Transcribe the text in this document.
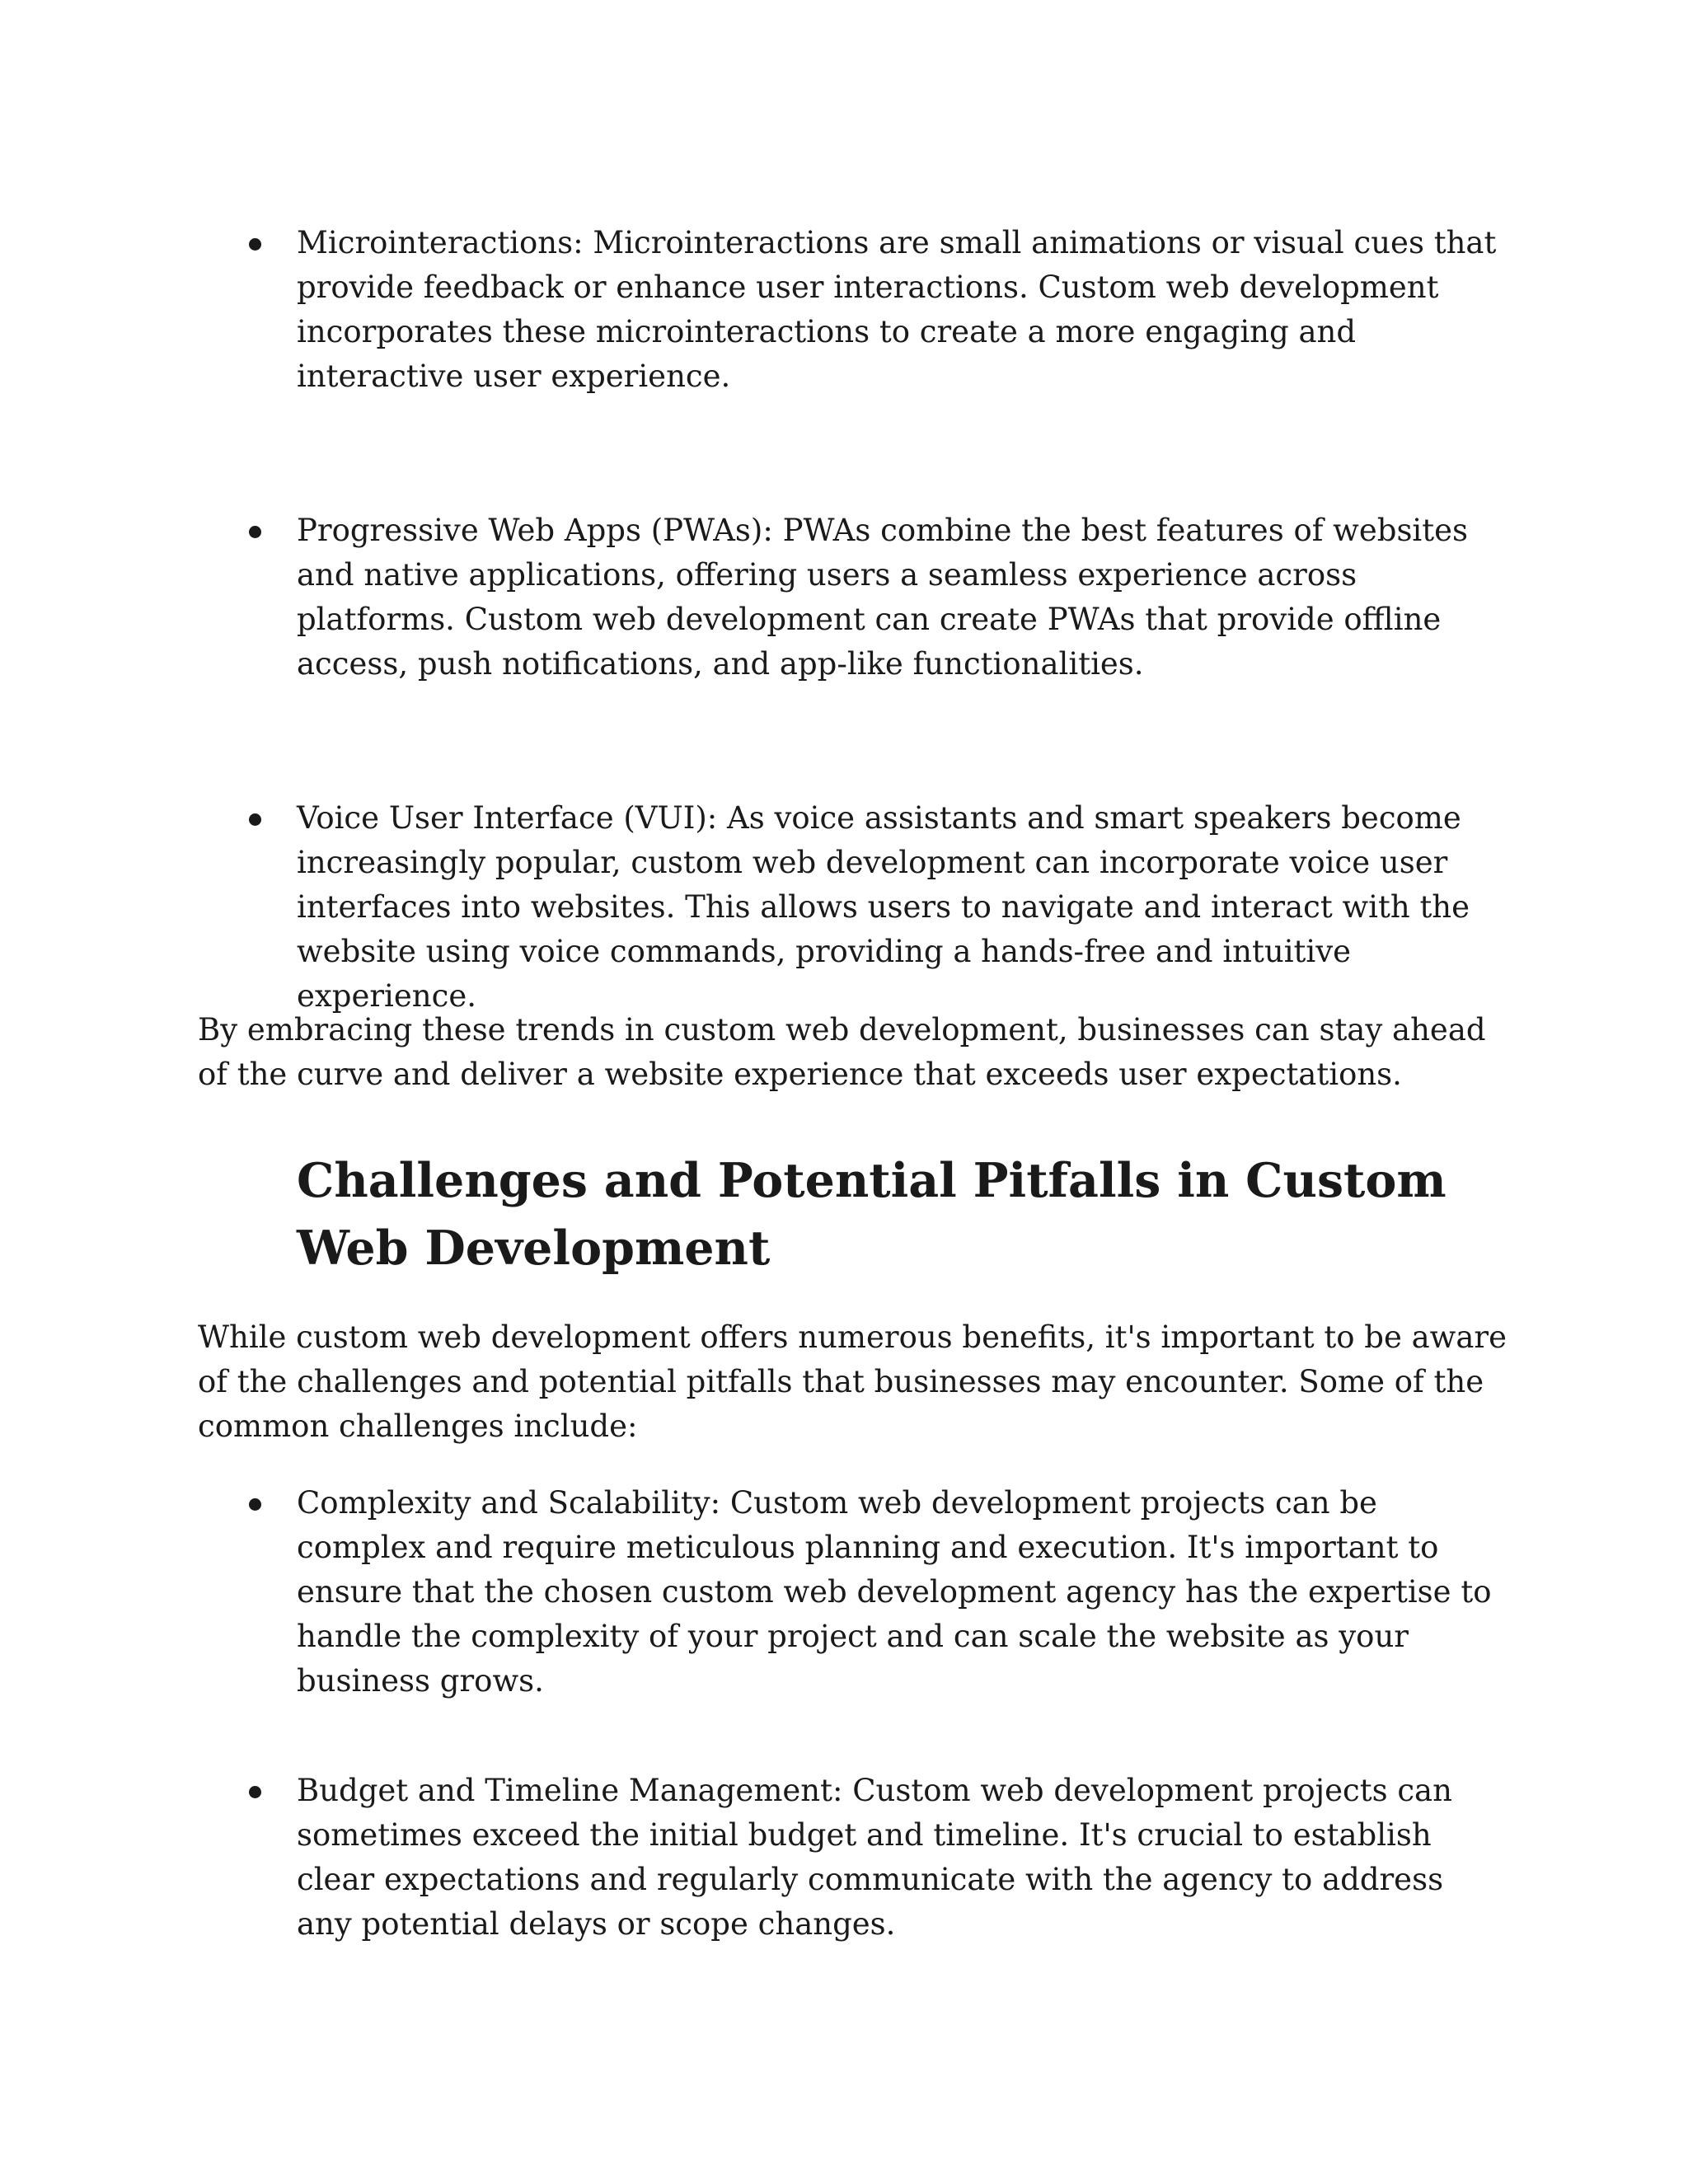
Microinteractions: Microinteractions are small animations or visual cues that provide feedback or enhance user interactions. Custom web development incorporates these microinteractions to create a more engaging and interactive user experience.
Progressive Web Apps (PWAs): PWAs combine the best features of websites and native applications, offering users a seamless experience across platforms. Custom web development can create PWAs that provide offline access, push notifications, and app-like functionalities.
Voice User Interface (VUI): As voice assistants and smart speakers become increasingly popular, custom web development can incorporate voice user interfaces into websites. This allows users to navigate and interact with the website using voice commands, providing a hands-free and intuitive experience.

By embracing these trends in custom web development, businesses can stay ahead of the curve and deliver a website experience that exceeds user expectations.

Challenges and Potential Pitfalls in Custom Web Development

While custom web development offers numerous benefits, it's important to be aware of the challenges and potential pitfalls that businesses may encounter. Some of the common challenges include:

Complexity and Scalability: Custom web development projects can be complex and require meticulous planning and execution. It's important to ensure that the chosen custom web development agency has the expertise to handle the complexity of your project and can scale the website as your business grows.
Budget and Timeline Management: Custom web development projects can sometimes exceed the initial budget and timeline. It's crucial to establish clear expectations and regularly communicate with the agency to address any potential delays or scope changes.
